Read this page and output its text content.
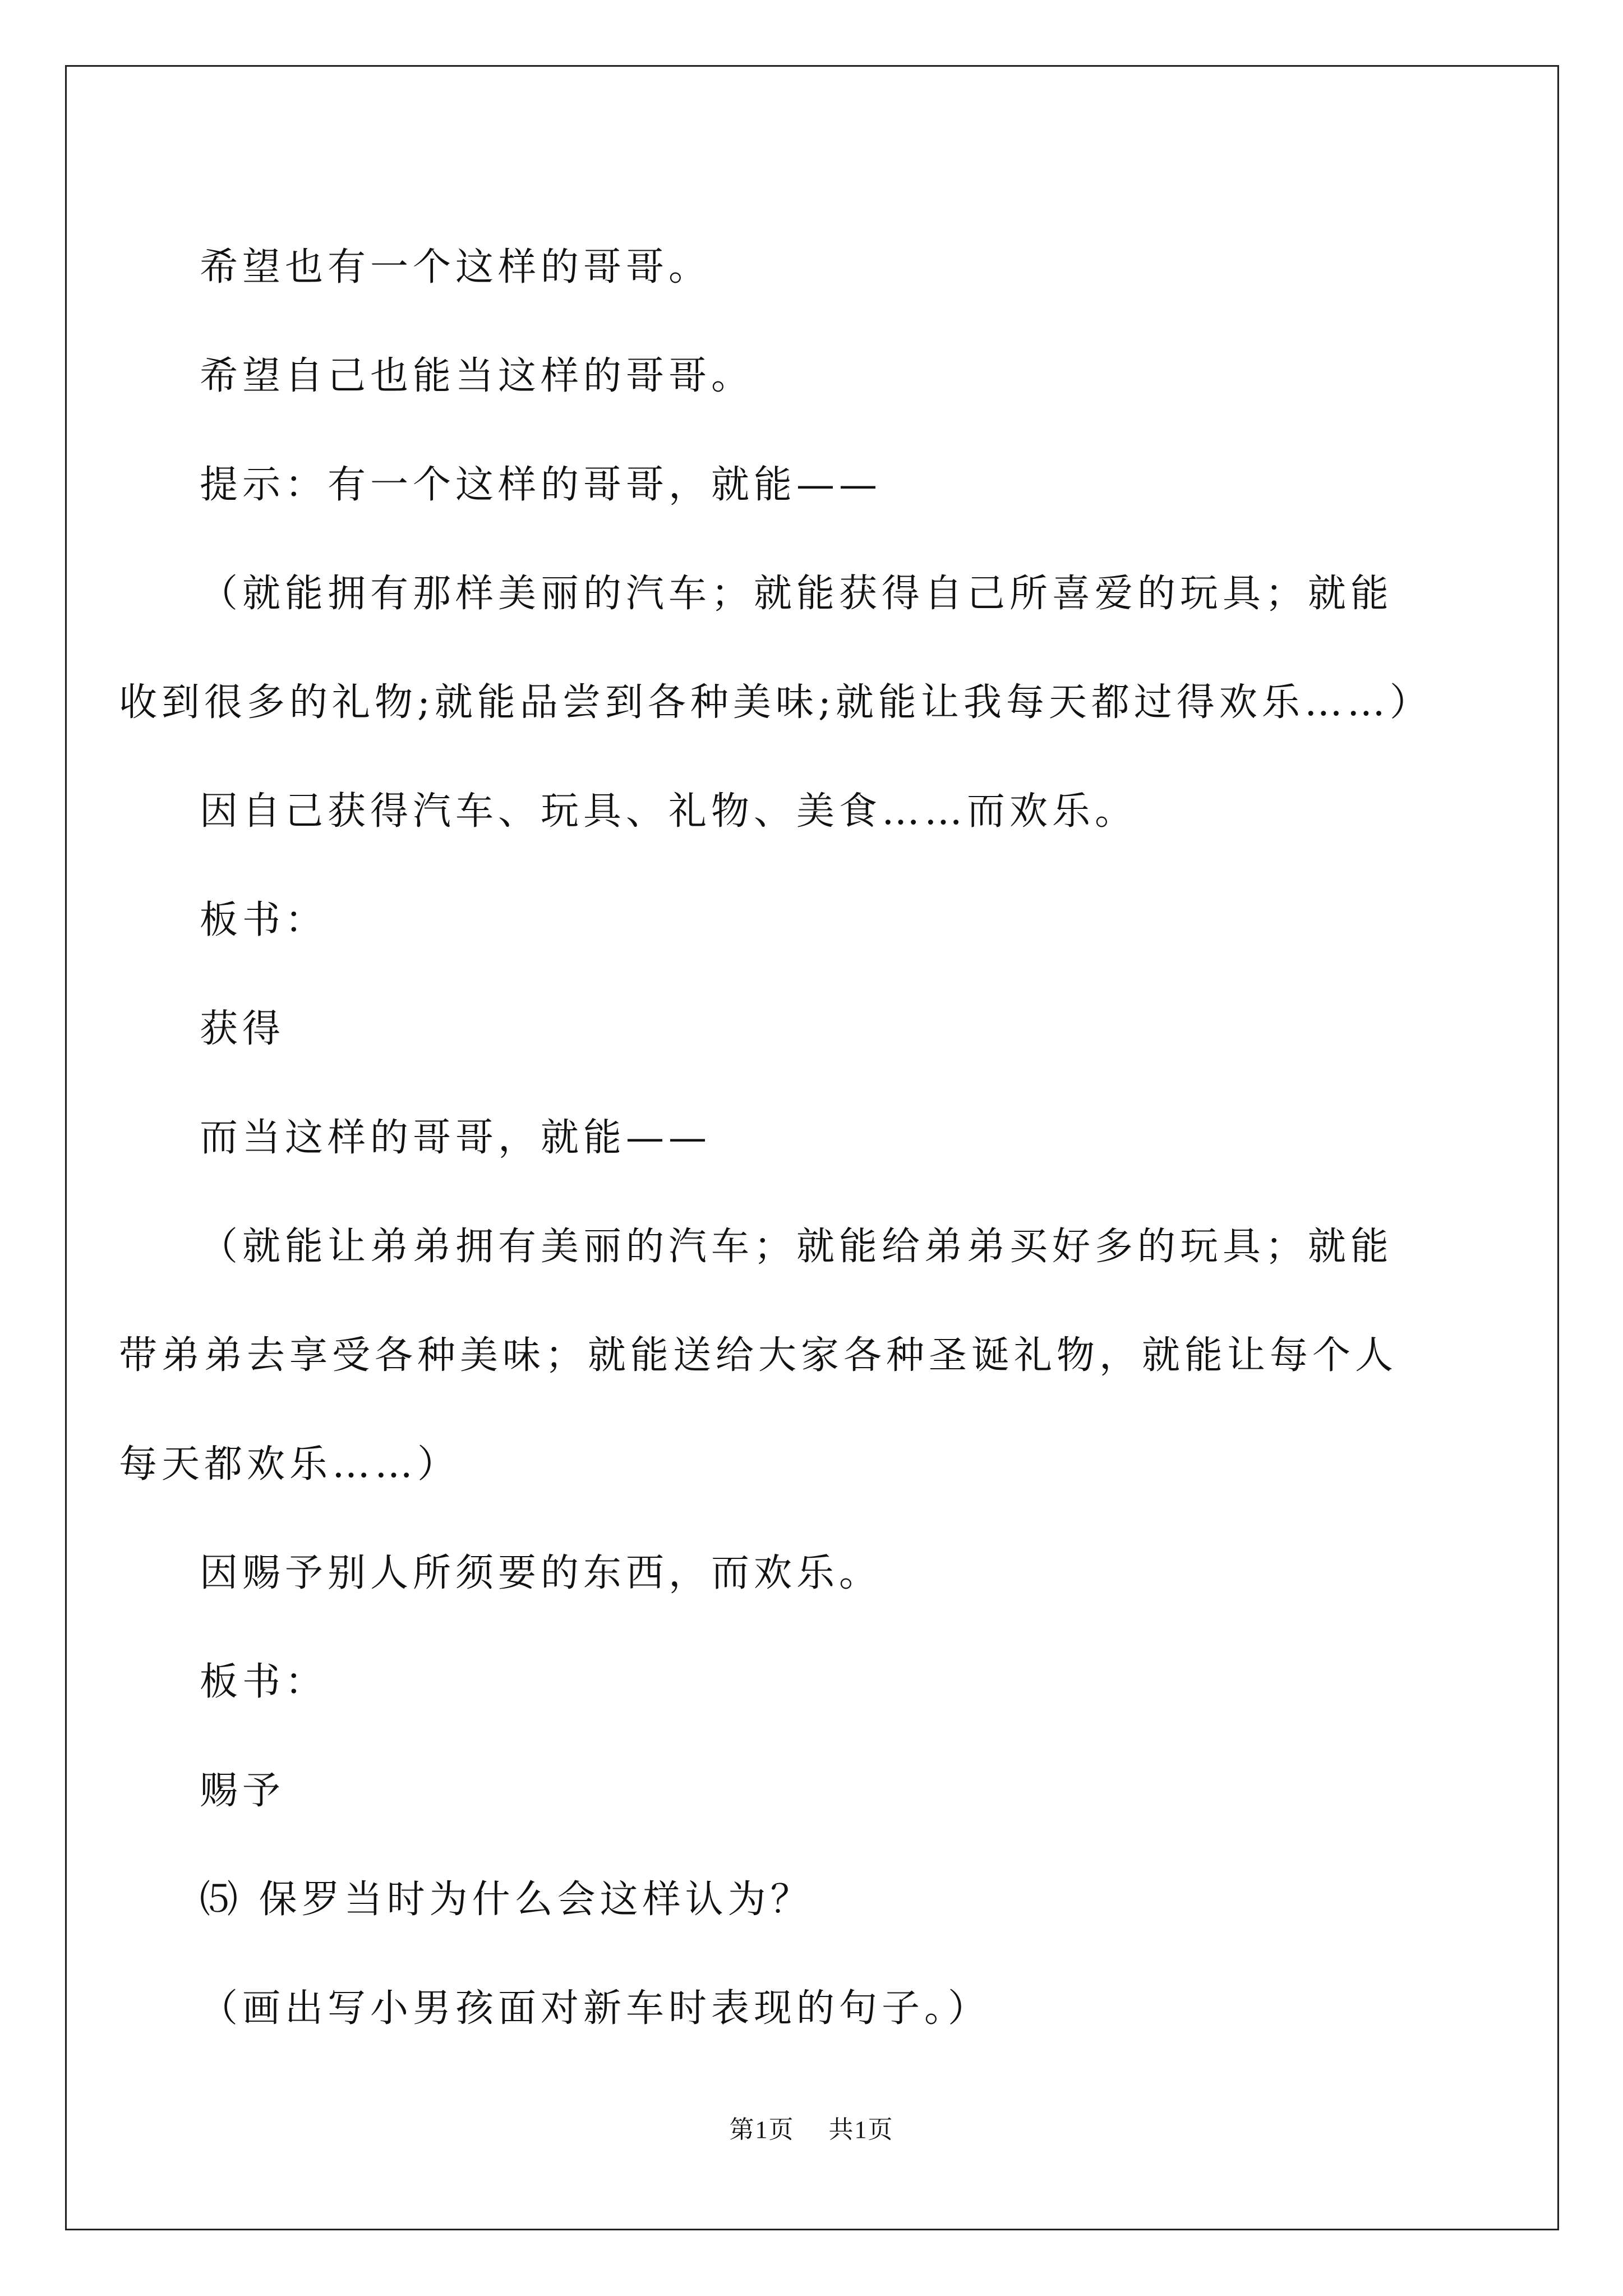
希望也有一个这样的哥哥。

希望自己也能当这样的哥哥。

提示：有一个这样的哥哥，就能——

（就能拥有那样美丽的汽车；就能获得自己所喜爱的玩具；就能

收到很多的礼物;就能品尝到各种美味;就能让我每天都过得欢乐……）

因自己获得汽车、玩具、礼物、美食……而欢乐。

板书：

获得

而当这样的哥哥，就能——

（就能让弟弟拥有美丽的汽车；就能给弟弟买好多的玩具；就能

带弟弟去享受各种美味；就能送给大家各种圣诞礼物，就能让每个人

每天都欢乐……）

因赐予别人所须要的东西，而欢乐。

板书：

赐予

⑸ 保罗当时为什么会这样认为？

（画出写小男孩面对新车时表现的句子。）

第1页 共1页
